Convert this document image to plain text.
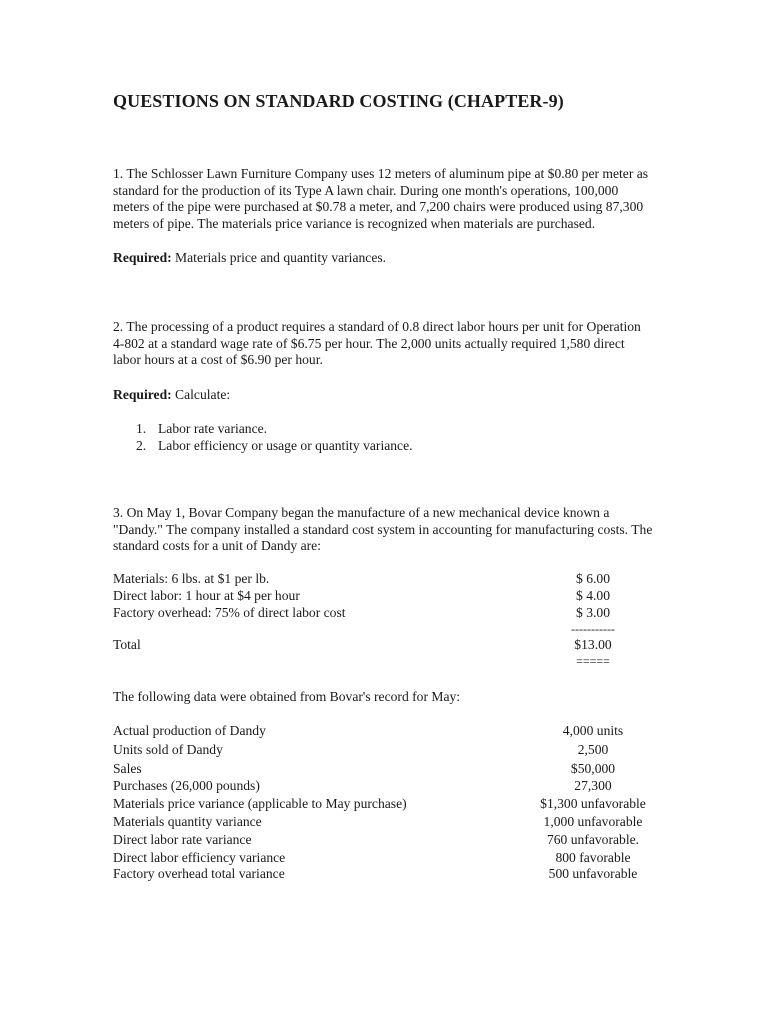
QUESTIONS ON STANDARD COSTING (CHAPTER-9)

1. The Schlosser Lawn Furniture Company uses 12 meters of aluminum pipe at $0.80 per meter as standard for the production of its Type A lawn chair. During one month's operations, 100,000 meters of the pipe were purchased at $0.78 a meter, and 7,200 chairs were produced using 87,300 meters of pipe. The materials price variance is recognized when materials are purchased.

Required: Materials price and quantity variances.

2. The processing of a product requires a standard of 0.8 direct labor hours per unit for Operation 4-802 at a standard wage rate of $6.75 per hour. The 2,000 units actually required 1,580 direct labor hours at a cost of $6.90 per hour.

Required: Calculate:

1. Labor rate variance.
2. Labor efficiency or usage or quantity variance.

3. On May 1, Bovar Company began the manufacture of a new mechanical device known a "Dandy." The company installed a standard cost system in accounting for manufacturing costs. The standard costs for a unit of Dandy are:

Materials: 6 lbs. at $1 per lb.	$ 6.00
Direct labor: 1 hour at $4 per hour	$ 4.00
Factory overhead: 75% of direct labor cost	$ 3.00
-----------
Total	$13.00
=====

The following data were obtained from Bovar's record for May:

Actual production of Dandy	4,000 units
Units sold of Dandy	2,500
Sales	$50,000
Purchases (26,000 pounds)	27,300
Materials price variance (applicable to May purchase)	$1,300 unfavorable
Materials quantity variance	1,000 unfavorable
Direct labor rate variance	760 unfavorable.
Direct labor efficiency variance	800 favorable
Factory overhead total variance	500 unfavorable
